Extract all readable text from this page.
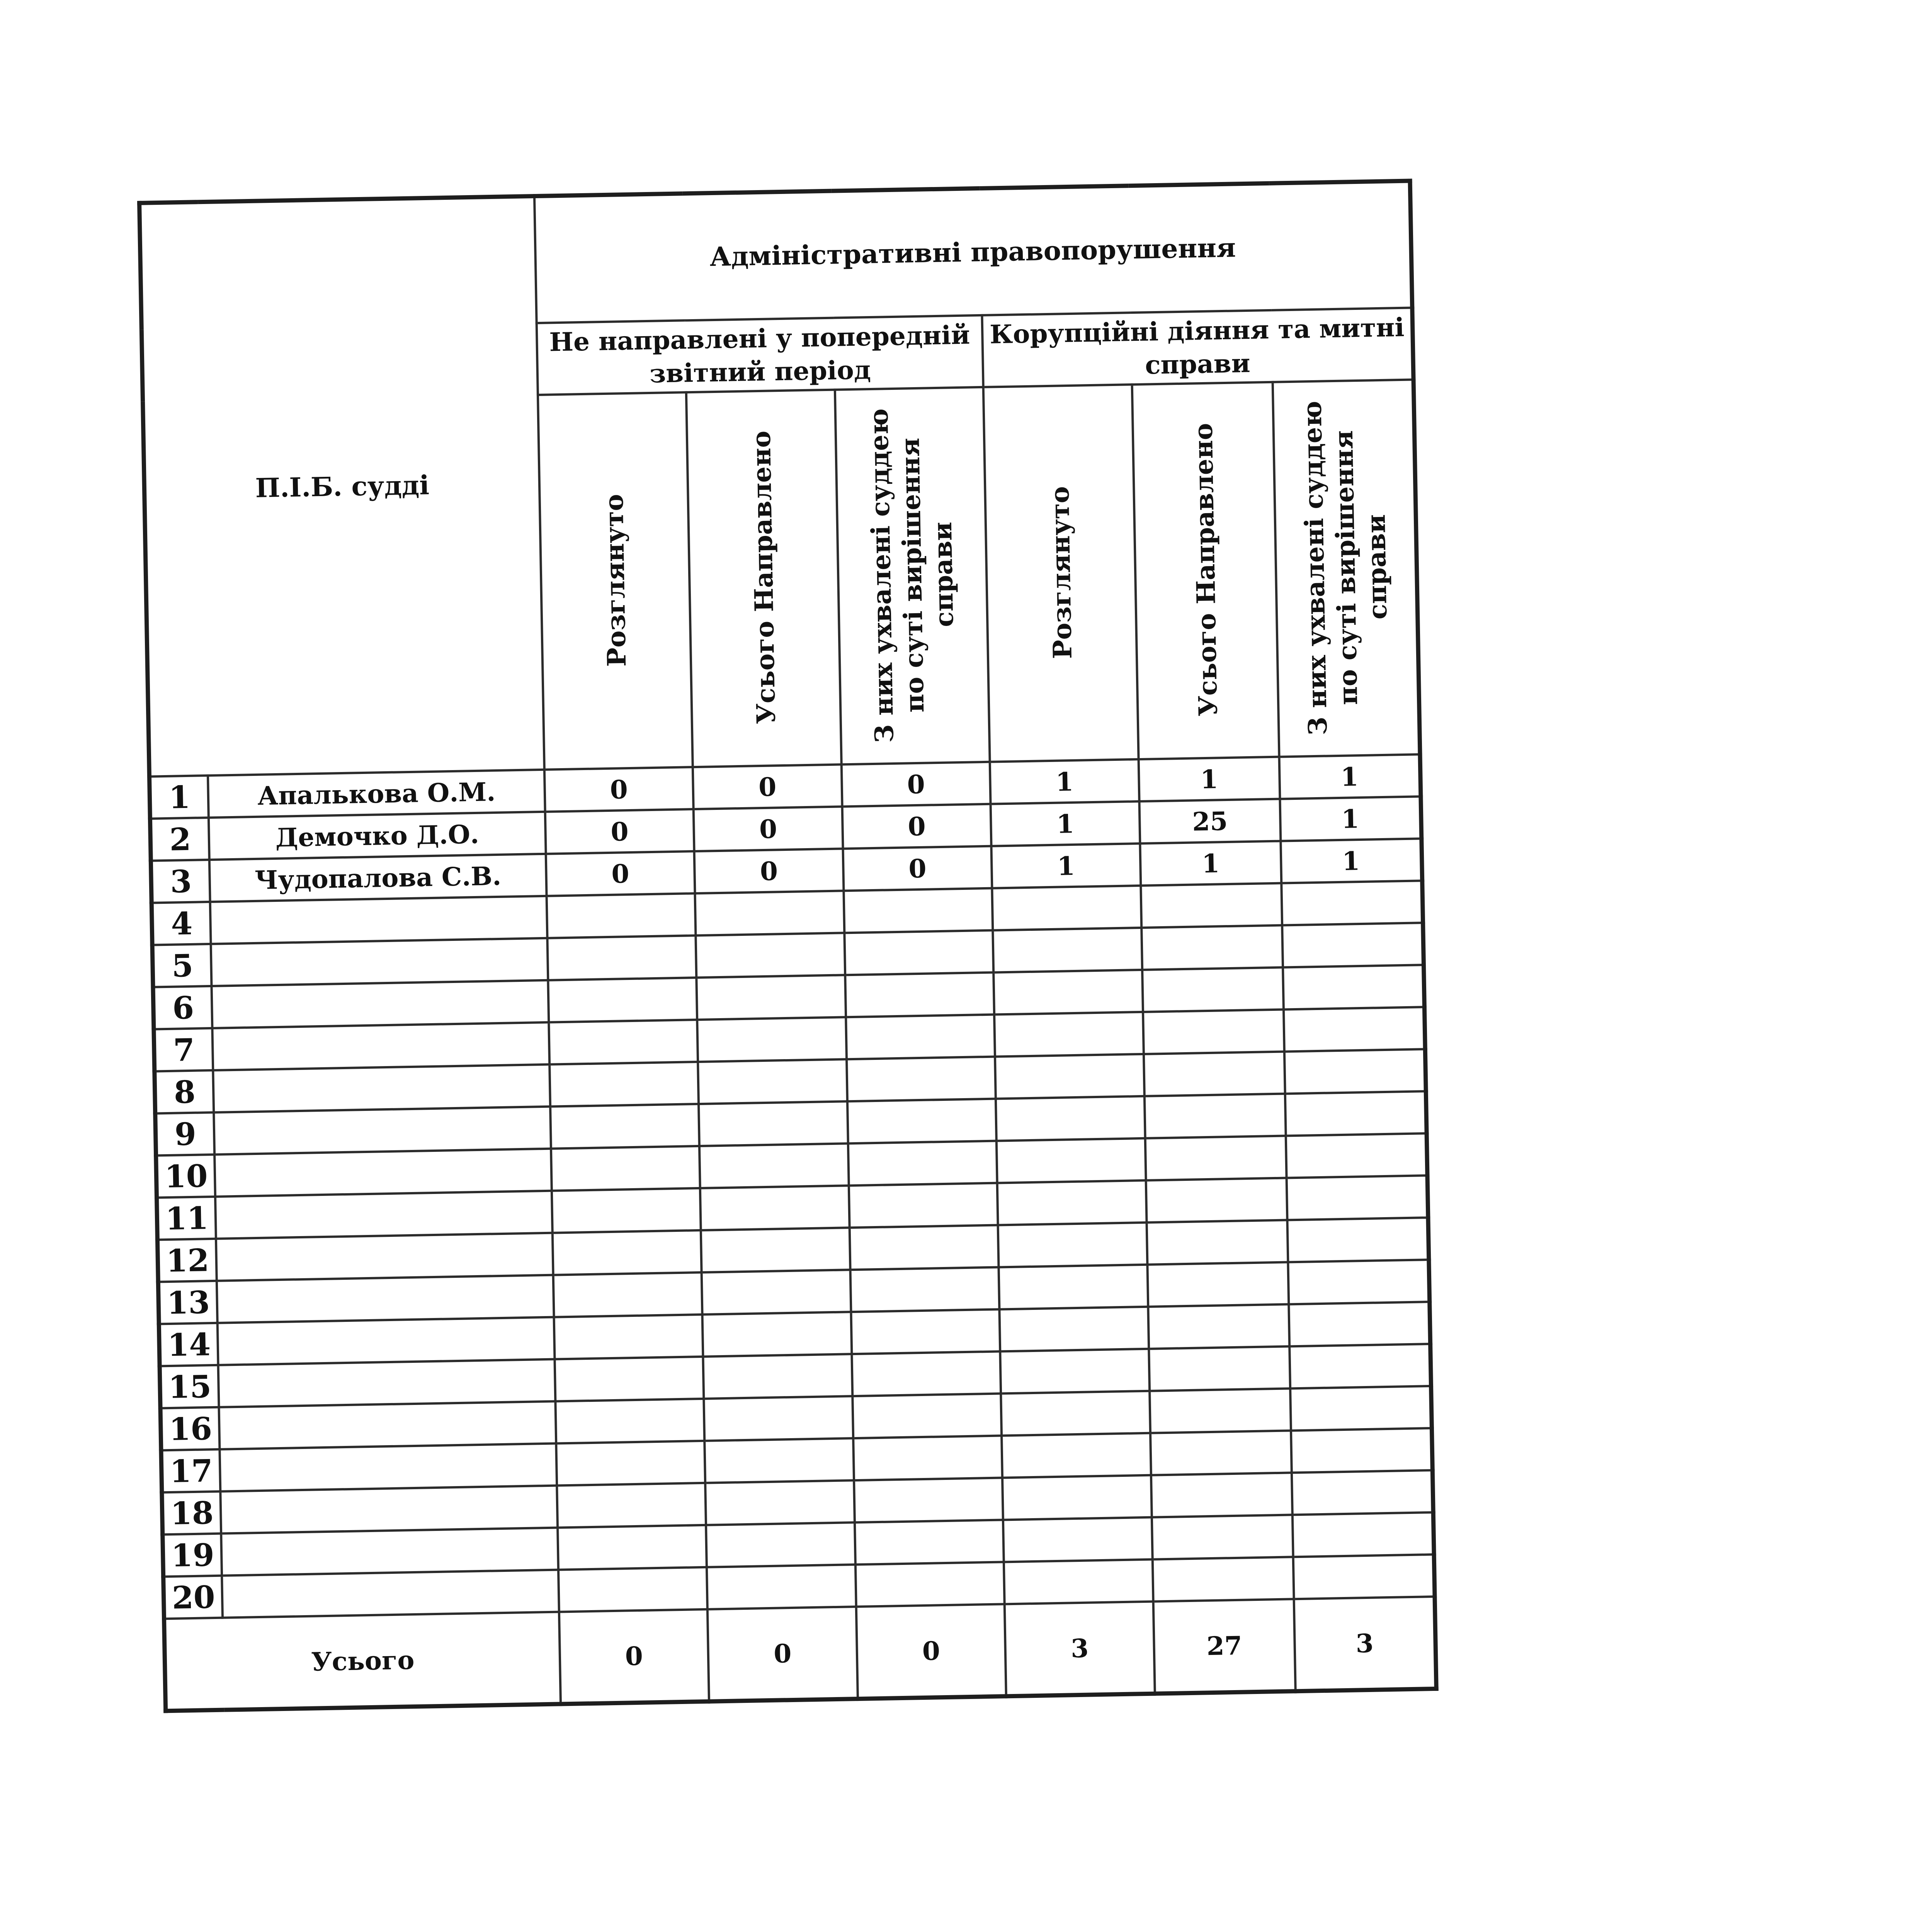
П.І.Б. судді		Адміністративні правопорушення					
		Не направлені у попередній звітний період			Корупційні діяння та митні справи		
		Розглянуто	Усього Направлено	З них ухвалені суддею по суті вирішення справи	Розглянуто	Усього Направлено	З них ухвалені суддею по суті вирішення справи
1	Апалькова О.М.	0	0	0	1	1	1
2	Демочко Д.О.	0	0	0	1	25	1
3	Чудопалова С.В.	0	0	0	1	1	1
4							
5							
6							
7							
8							
9							
10							
11							
12							
13							
14							
15							
16							
17							
18							
19							
20							
Усього		0	0	0	3	27	3
